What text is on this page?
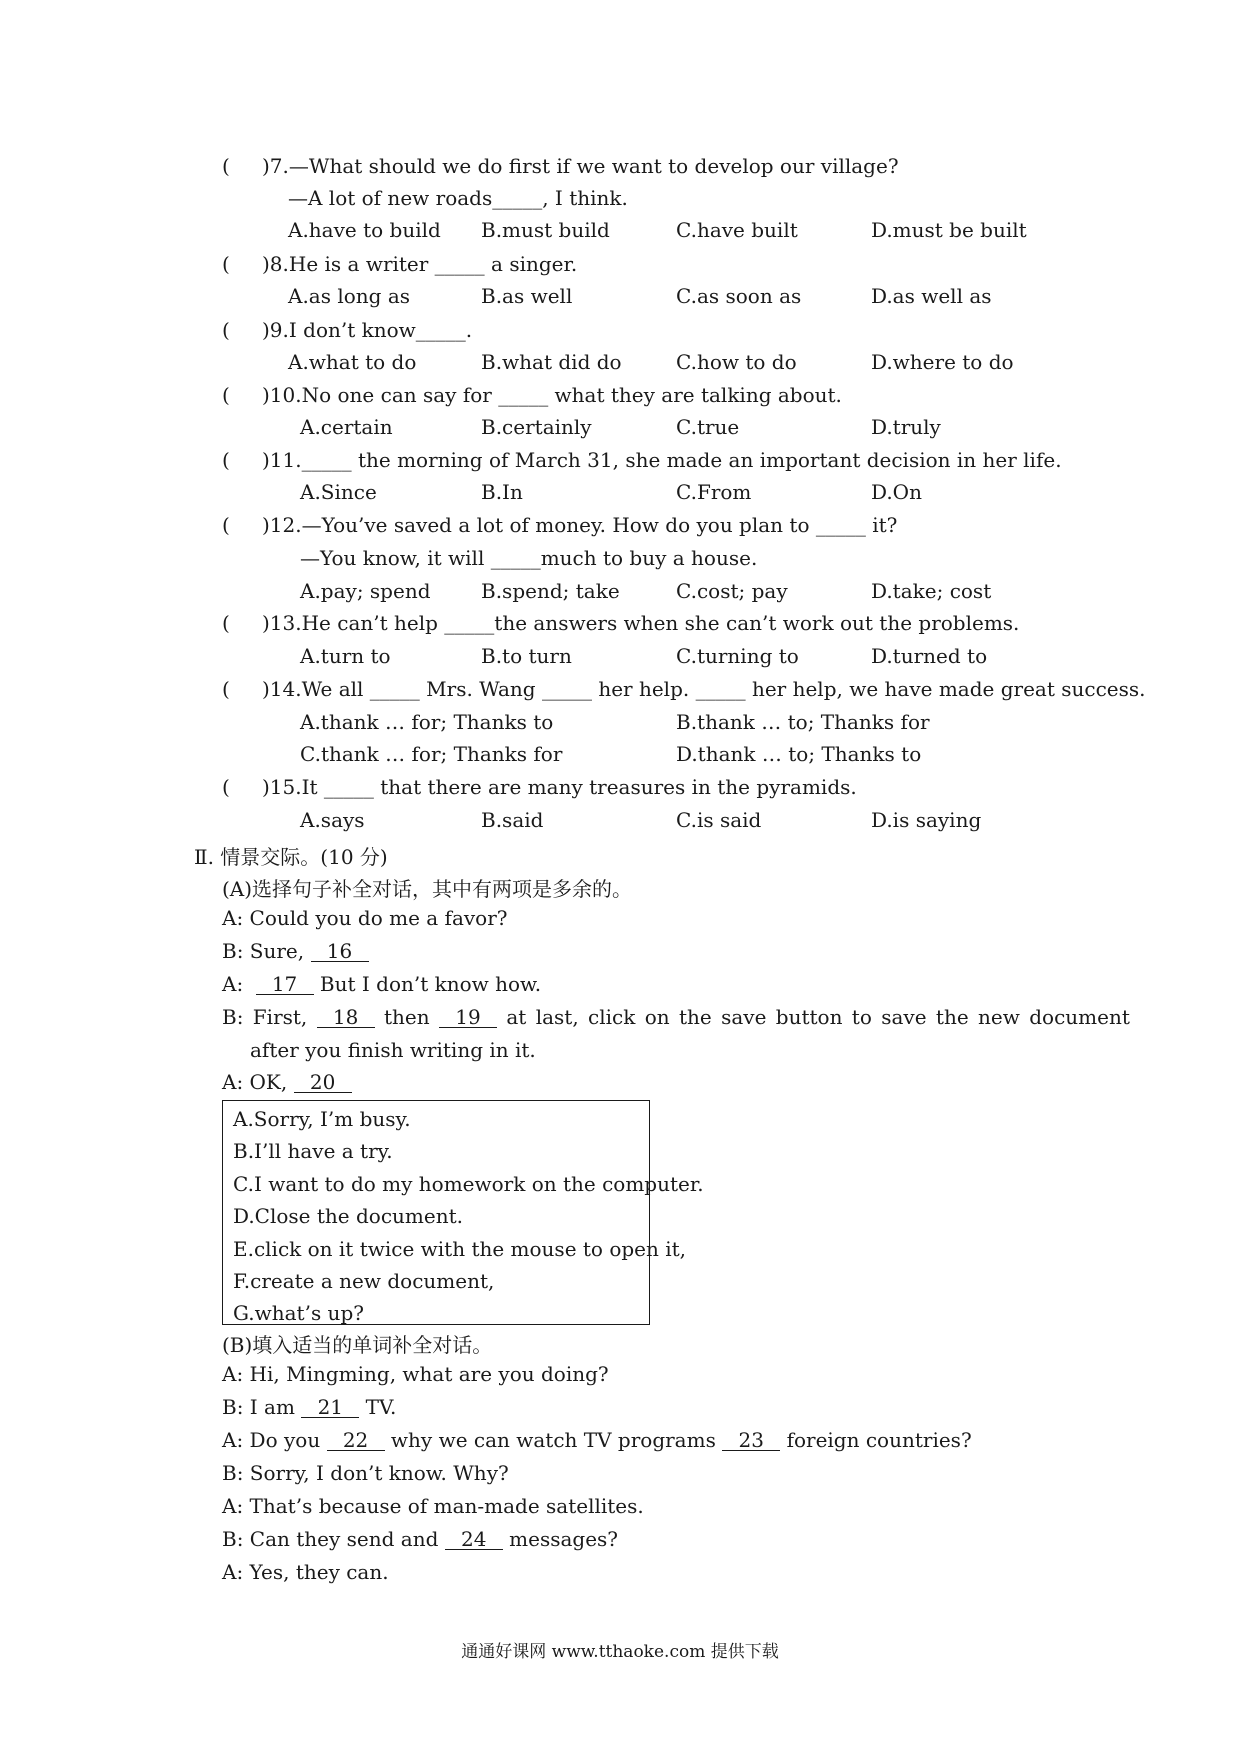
( )7.—What should we do first if we want to develop our village?
—A lot of new roads_____, I think.
A.have to build B.must build	C.have built	D.must be built
( )8.He is a writer _____ a singer.
A.as long as	B.as well	C.as soon as	D.as well as
( )9.I don’t know_____.
A.what to do	B.what did do	C.how to do	D.where to do
( )10.No one can say for _____ what they are talking about.
A.certain	B.certainly	C.true	D.truly
( )11._____ the morning of March 31, she made an important decision in her life.
A.Since	B.In	C.From	D.On
( )12.—You’ve saved a lot of money. How do you plan to _____ it?
—You know, it will _____much to buy a house.
A.pay; spend	B.spend; take	C.cost; pay	D.take; cost
( )13.He can’t help _____the answers when she can’t work out the problems.
A.turn to	B.to turn	C.turning to	D.turned to
( )14.We all _____ Mrs. Wang _____ her help. _____ her help, we have made great success.
A.thank … for; Thanks to	B.thank … to; Thanks for
C.thank … for; Thanks for	D.thank … to; Thanks to
( )15.It _____ that there are many treasures in the pyramids.
A.says	B.said	C.is said	D.is saying
Ⅱ. 情景交际。(10 分)
(A)选择句子补全对话，其中有两项是多余的。
A: Could you do me a favor?
B: Sure, 16
A: 17 But I don’t know how.
B: First, 18 then 19 at last, click on the save button to save the new document
after you finish writing in it.
A: OK, 20
A.Sorry, I’m busy.
B.I’ll have a try.
C.I want to do my homework on the computer.
D.Close the document.
E.click on it twice with the mouse to open it,
F.create a new document,
G.what’s up?
(B)填入适当的单词补全对话。
A: Hi, Mingming, what are you doing?
B: I am 21 TV.
A: Do you 22 why we can watch TV programs 23 foreign countries?
B: Sorry, I don’t know. Why?
A: That’s because of man-made satellites.
B: Can they send and 24 messages?
A: Yes, they can.
通通好课网 www.tthaoke.com 提供下载
